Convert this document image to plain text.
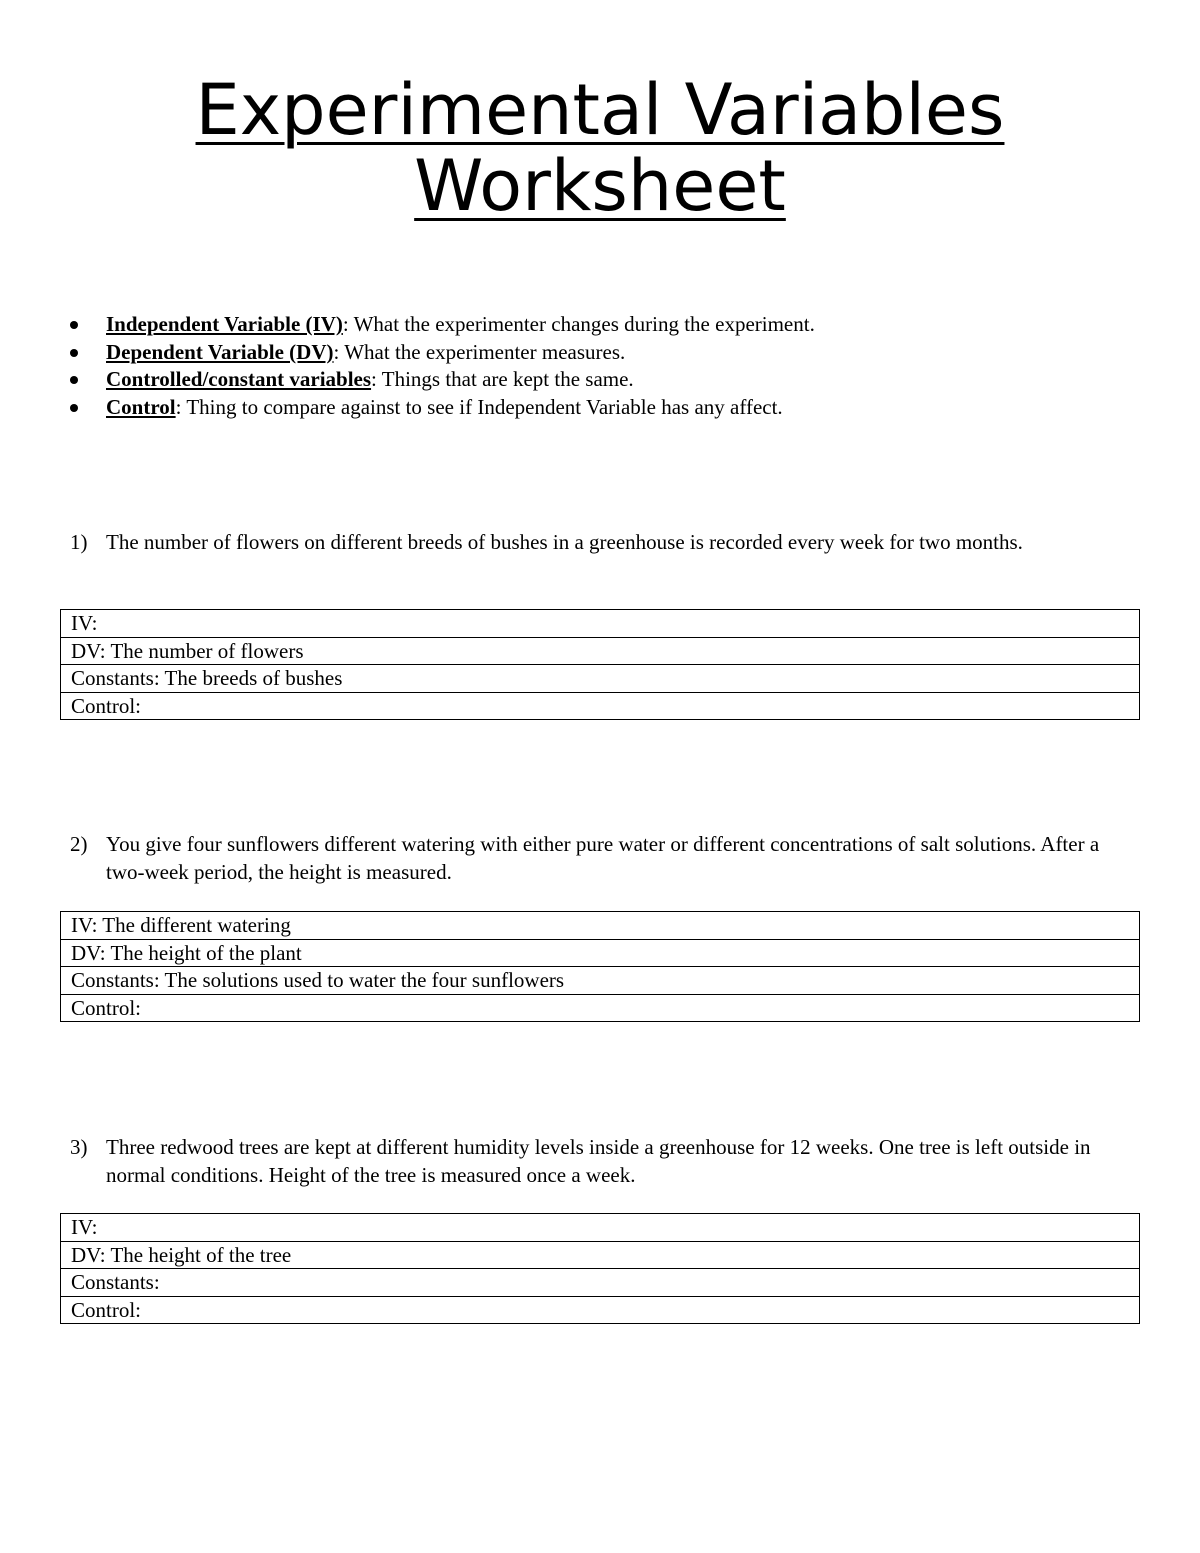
Experimental Variables
Worksheet
Independent Variable (IV): What the experimenter changes during the experiment.
Dependent Variable (DV): What the experimenter measures.
Controlled/constant variables: Things that are kept the same.
Control: Thing to compare against to see if Independent Variable has any affect.

1) The number of flowers on different breeds of bushes in a greenhouse is recorded every week for two months.

IV:
DV: The number of flowers
Constants: The breeds of bushes
Control:

2) You give four sunflowers different watering with either pure water or different concentrations of salt solutions. After a two-week period, the height is measured.

IV: The different watering
DV: The height of the plant
Constants: The solutions used to water the four sunflowers
Control:

3) Three redwood trees are kept at different humidity levels inside a greenhouse for 12 weeks. One tree is left outside in normal conditions. Height of the tree is measured once a week.

IV:
DV: The height of the tree
Constants:
Control:
